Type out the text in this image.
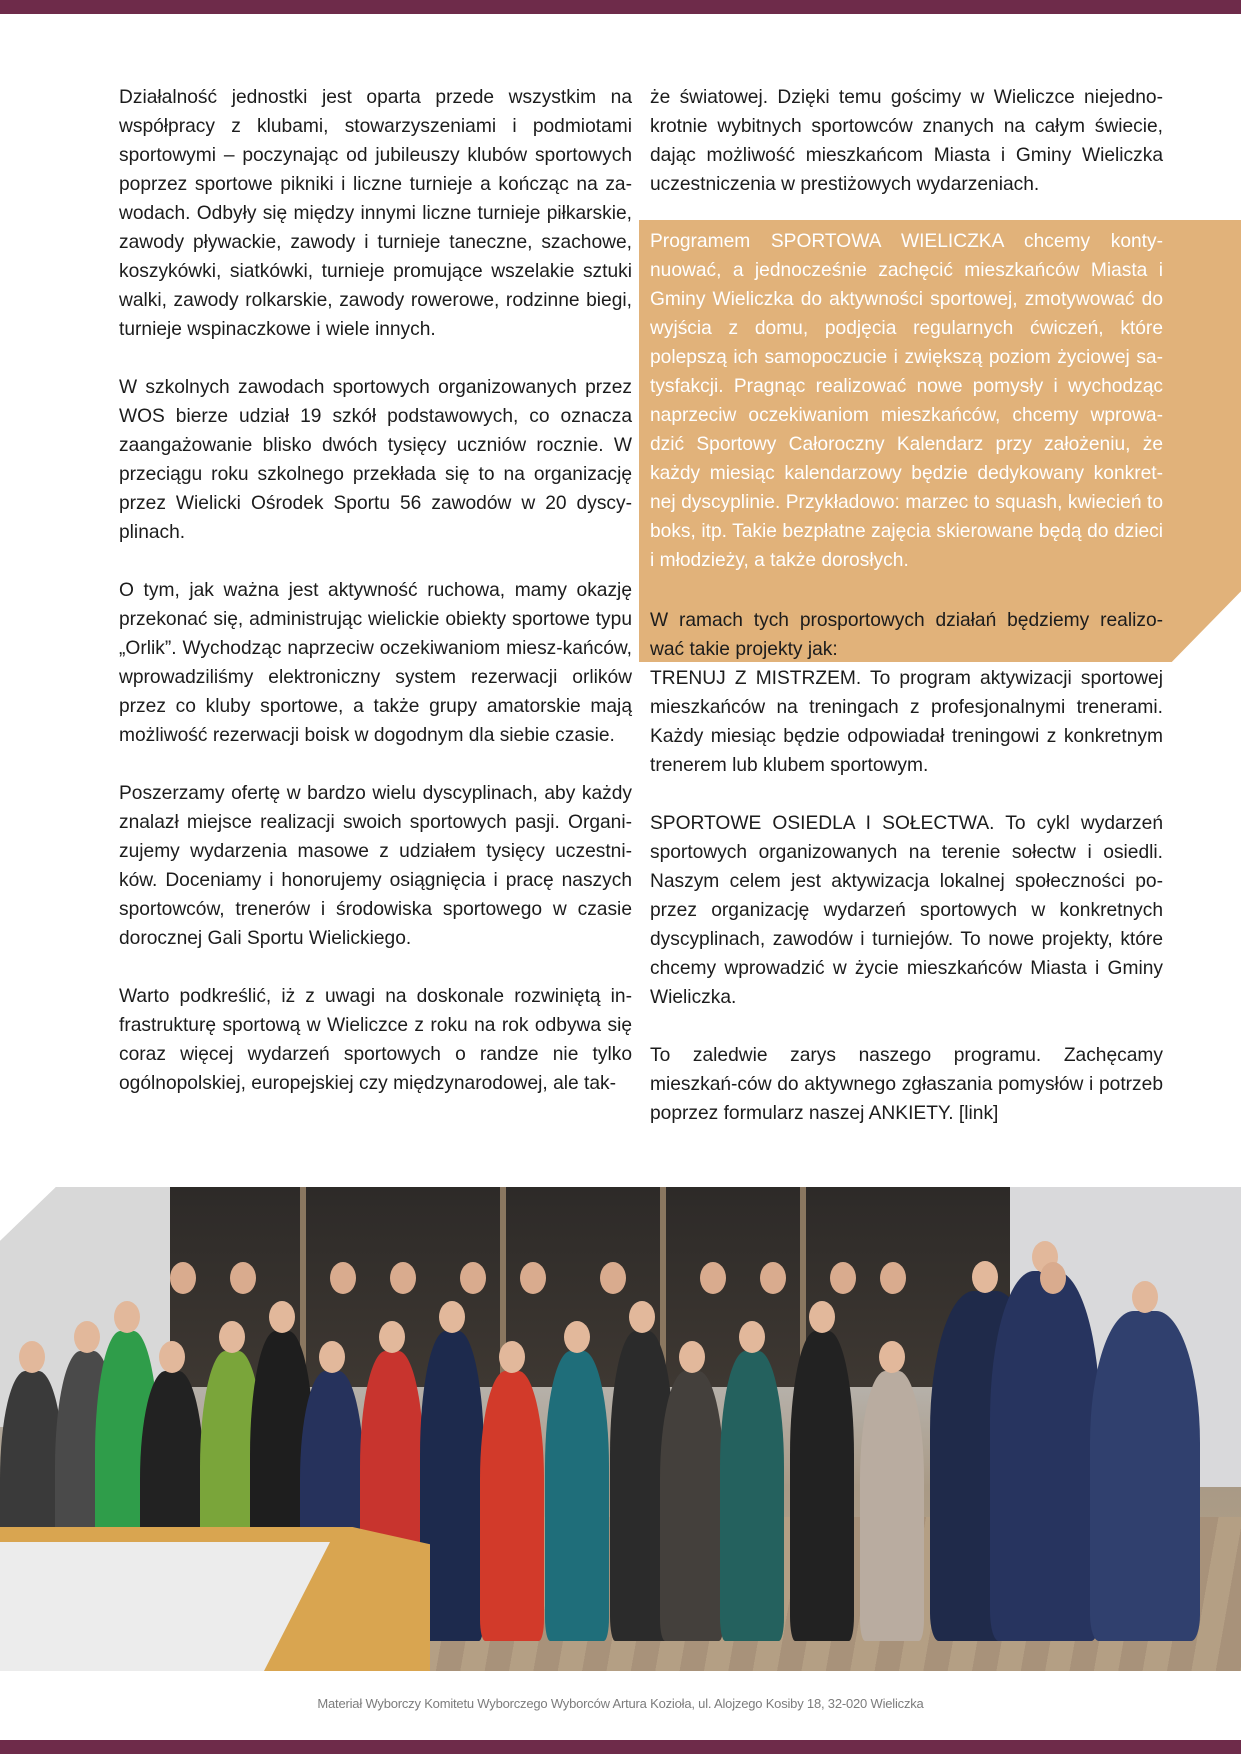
Działalność jednostki jest oparta przede wszystkim na współpracy z klubami, stowarzyszeniami i podmiotami sportowymi – poczynając od jubileuszy klubów sportowych poprzez sportowe pikniki i liczne turnieje a kończąc na za-wodach. Odbyły się między innymi liczne turnieje piłkarskie, zawody pływackie, zawody i turnieje taneczne, szachowe, koszykówki, siatkówki, turnieje promujące wszelakie sztuki walki, zawody rolkarskie, zawody rowerowe, rodzinne biegi, turnieje wspinaczkowe i wiele innych.

W szkolnych zawodach sportowych organizowanych przez WOS bierze udział 19 szkół podstawowych, co oznacza zaangażowanie blisko dwóch tysięcy uczniów rocznie. W przeciągu roku szkolnego przekłada się to na organizację przez Wielicki Ośrodek Sportu 56 zawodów w 20 dyscy-plinach.

O tym, jak ważna jest aktywność ruchowa, mamy okazję przekonać się, administrując wielickie obiekty sportowe typu „Orlik”. Wychodząc naprzeciw oczekiwaniom miesz-kańców, wprowadziliśmy elektroniczny system rezerwacji orlików przez co kluby sportowe, a także grupy amatorskie mają możliwość rezerwacji boisk w dogodnym dla siebie czasie.

Poszerzamy ofertę w bardzo wielu dyscyplinach, aby każdy znalazł miejsce realizacji swoich sportowych pasji. Organi-zujemy wydarzenia masowe z udziałem tysięcy uczestni-ków. Doceniamy i honorujemy osiągnięcia i pracę naszych sportowców, trenerów i środowiska sportowego w czasie dorocznej Gali Sportu Wielickiego.

Warto podkreślić, iż z uwagi na doskonale rozwiniętą in-frastrukturę sportową w Wieliczce z roku na rok odbywa się coraz więcej wydarzeń sportowych o randze nie tylko ogólnopolskiej, europejskiej czy międzynarodowej, ale tak-

że światowej. Dzięki temu gościmy w Wieliczce niejedno-krotnie wybitnych sportowców znanych na całym świecie, dając możliwość mieszkańcom Miasta i Gminy Wieliczka uczestniczenia w prestiżowych wydarzeniach.

Programem SPORTOWA WIELICZKA chcemy konty-nuować, a jednocześnie zachęcić mieszkańców Miasta i Gminy Wieliczka do aktywności sportowej, zmotywować do wyjścia z domu, podjęcia regularnych ćwiczeń, które polepszą ich samopoczucie i zwiększą poziom życiowej sa-tysfakcji. Pragnąc realizować nowe pomysły i wychodząc naprzeciw oczekiwaniom mieszkańców, chcemy wprowa-dzić Sportowy Całoroczny Kalendarz przy założeniu, że każdy miesiąc kalendarzowy będzie dedykowany konkret-nej dyscyplinie. Przykładowo: marzec to squash, kwiecień to boks, itp. Takie bezpłatne zajęcia skierowane będą do dzieci i młodzieży, a także dorosłych.

W ramach tych prosportowych działań będziemy realizo-wać takie projekty jak:

TRENUJ Z MISTRZEM. To program aktywizacji sportowej mieszkańców na treningach z profesjonalnymi trenerami. Każdy miesiąc będzie odpowiadał treningowi z konkretnym trenerem lub klubem sportowym.

SPORTOWE OSIEDLA I SOŁECTWA. To cykl wydarzeń sportowych organizowanych na terenie sołectw i osiedli. Naszym celem jest aktywizacja lokalnej społeczności po-przez organizację wydarzeń sportowych w konkretnych dyscyplinach, zawodów i turniejów. To nowe projekty, które chcemy wprowadzić w życie mieszkańców Miasta i Gminy Wieliczka.

To zaledwie zarys naszego programu. Zachęcamy mieszkań-ców do aktywnego zgłaszania pomysłów i potrzeb poprzez formularz naszej ANKIETY. [link]

Materiał Wyborczy Komitetu Wyborczego Wyborców Artura Kozioła, ul. Alojzego Kosiby 18, 32-020 Wieliczka
